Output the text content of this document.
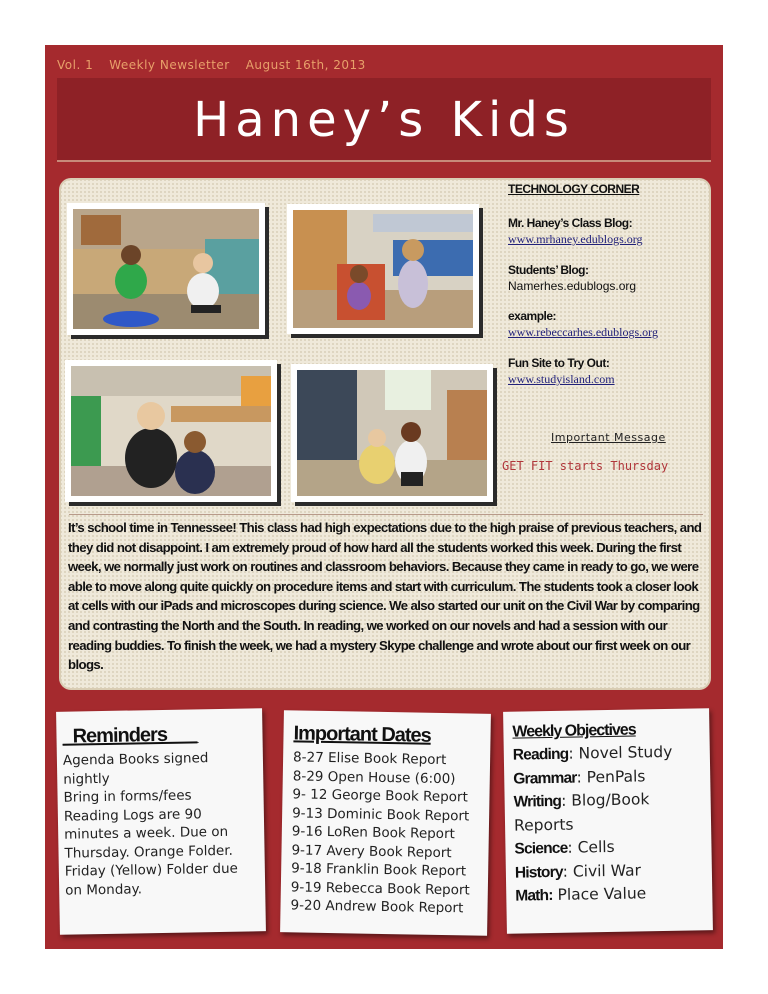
Vol. 1 Weekly Newsletter August 16th, 2013
Haney’s Kids
TECHNOLOGY CORNER
Mr. Haney’s Class Blog:
www.mrhaney.edublogs.org
Students’ Blog:
Namerhes.edublogs.org
example:
www.rebeccarhes.edublogs.org
Fun Site to Try Out:
www.studyisland.com
Important Message
GET FIT starts Thursday
It’s school time in Tennessee! This class had high expectations due to the high praise of previous teachers, and they did not disappoint. I am extremely proud of how hard all the students worked this week. During the first week, we normally just work on routines and classroom behaviors. Because they came in ready to go, we were able to move along quite quickly on procedure items and start with curriculum. The students took a closer look at cells with our iPads and microscopes during science. We also started our unit on the Civil War by comparing and contrasting the North and the South. In reading, we worked on our novels and had a session with our reading buddies. To finish the week, we had a mystery Skype challenge and wrote about our first week on our blogs.
_Reminders___
Agenda Books signed
nightly
Bring in forms/fees
Reading Logs are 90
minutes a week. Due on
Thursday. Orange Folder.
Friday (Yellow) Folder due
on Monday.
Important Dates
8-27 Elise Book Report
8-29 Open House (6:00)
9- 12 George Book Report
9-13 Dominic Book Report
9-16 LoRen Book Report
9-17 Avery Book Report
9-18 Franklin Book Report
9-19 Rebecca Book Report
9-20 Andrew Book Report
Weekly Objectives
Reading: Novel Study
Grammar: PenPals
Writing: Blog/Book
Reports
Science: Cells
History: Civil War
Math: Place Value
